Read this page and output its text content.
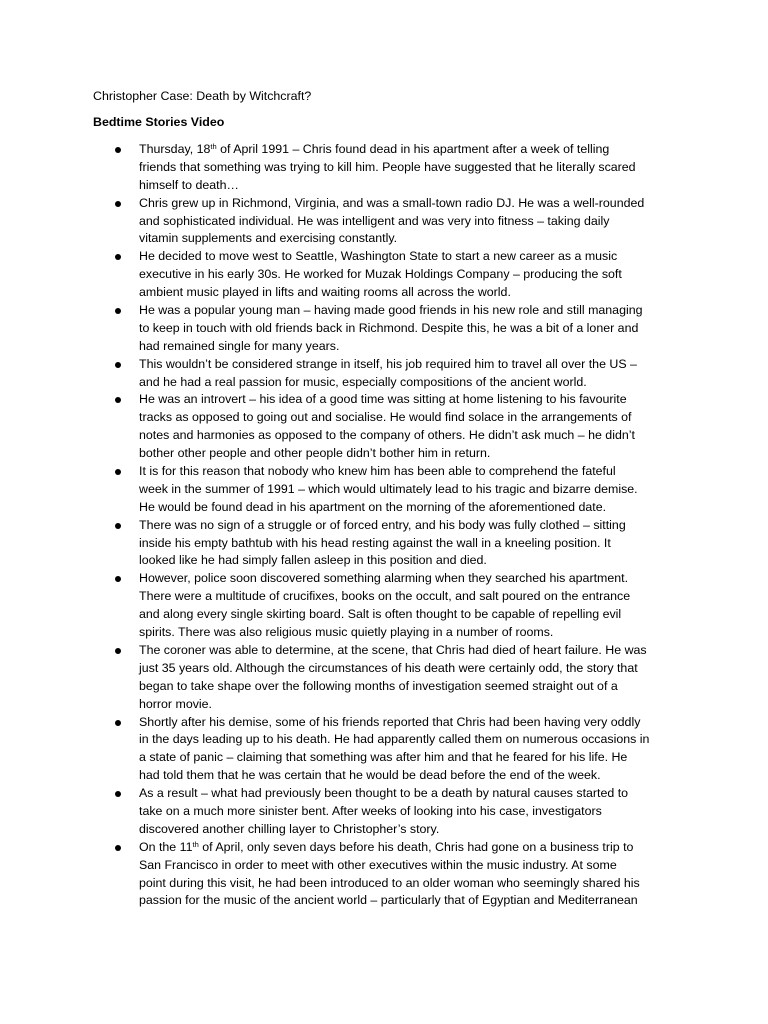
Christopher Case: Death by Witchcraft?
Bedtime Stories Video
Thursday, 18th of April 1991 – Chris found dead in his apartment after a week of telling
friends that something was trying to kill him. People have suggested that he literally scared
himself to death…
Chris grew up in Richmond, Virginia, and was a small-town radio DJ. He was a well-rounded
and sophisticated individual. He was intelligent and was very into fitness – taking daily
vitamin supplements and exercising constantly.
He decided to move west to Seattle, Washington State to start a new career as a music
executive in his early 30s. He worked for Muzak Holdings Company – producing the soft
ambient music played in lifts and waiting rooms all across the world.
He was a popular young man – having made good friends in his new role and still managing
to keep in touch with old friends back in Richmond. Despite this, he was a bit of a loner and
had remained single for many years.
This wouldn’t be considered strange in itself, his job required him to travel all over the US –
and he had a real passion for music, especially compositions of the ancient world.
He was an introvert – his idea of a good time was sitting at home listening to his favourite
tracks as opposed to going out and socialise. He would find solace in the arrangements of
notes and harmonies as opposed to the company of others. He didn’t ask much – he didn’t
bother other people and other people didn’t bother him in return.
It is for this reason that nobody who knew him has been able to comprehend the fateful
week in the summer of 1991 – which would ultimately lead to his tragic and bizarre demise.
He would be found dead in his apartment on the morning of the aforementioned date.
There was no sign of a struggle or of forced entry, and his body was fully clothed – sitting
inside his empty bathtub with his head resting against the wall in a kneeling position. It
looked like he had simply fallen asleep in this position and died.
However, police soon discovered something alarming when they searched his apartment.
There were a multitude of crucifixes, books on the occult, and salt poured on the entrance
and along every single skirting board. Salt is often thought to be capable of repelling evil
spirits. There was also religious music quietly playing in a number of rooms.
The coroner was able to determine, at the scene, that Chris had died of heart failure. He was
just 35 years old. Although the circumstances of his death were certainly odd, the story that
began to take shape over the following months of investigation seemed straight out of a
horror movie.
Shortly after his demise, some of his friends reported that Chris had been having very oddly
in the days leading up to his death. He had apparently called them on numerous occasions in
a state of panic – claiming that something was after him and that he feared for his life. He
had told them that he was certain that he would be dead before the end of the week.
As a result – what had previously been thought to be a death by natural causes started to
take on a much more sinister bent. After weeks of looking into his case, investigators
discovered another chilling layer to Christopher’s story.
On the 11th of April, only seven days before his death, Chris had gone on a business trip to
San Francisco in order to meet with other executives within the music industry. At some
point during this visit, he had been introduced to an older woman who seemingly shared his
passion for the music of the ancient world – particularly that of Egyptian and Mediterranean
